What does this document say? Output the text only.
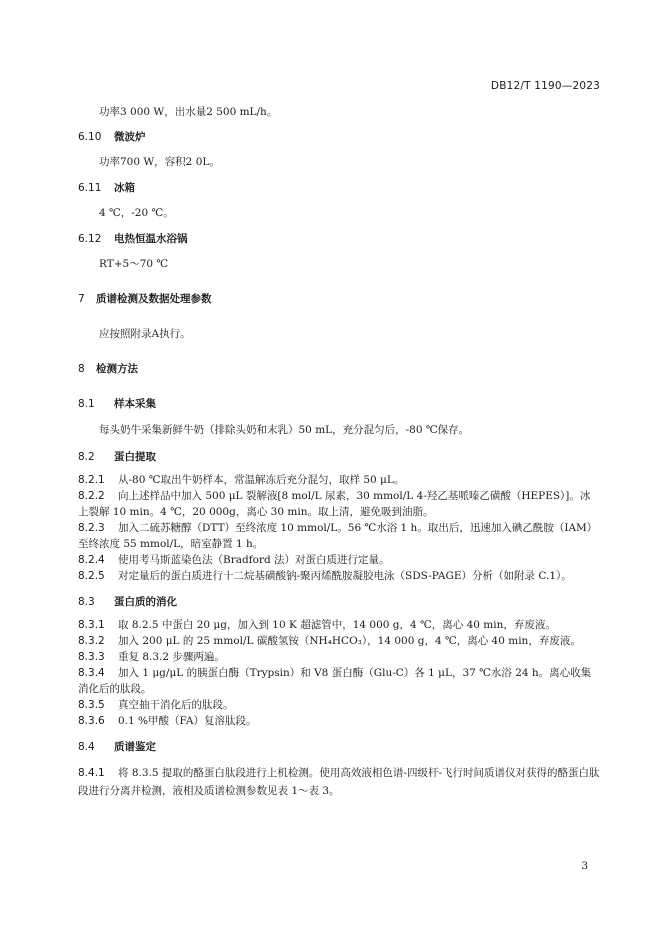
DB12/T 1190—2023

功率3 000 W，出水量2 500 mL/h。

6.10 微波炉

功率700 W，容积2 0L。

6.11 冰箱

4 ℃，-20 ℃。

6.12 电热恒温水浴锅

RT+5～70 ℃

7 质谱检测及数据处理参数

应按照附录A执行。

8 检测方法

8.1 样本采集

每头奶牛采集新鲜牛奶（排除头奶和末乳）50 mL，充分混匀后，-80 ℃保存。

8.2 蛋白提取

8.2.1 从-80 ℃取出牛奶样本，常温解冻后充分混匀，取样 50 μL。

8.2.2 向上述样品中加入 500 μL 裂解液[8 mol/L 尿素，30 mmol/L 4-羟乙基哌嗪乙磺酸（HEPES）]。冰上裂解 10 min。4 ℃，20 000g，离心 30 min。取上清，避免吸到油脂。

8.2.3 加入二硫苏糖醇（DTT）至终浓度 10 mmol/L。56 ℃水浴 1 h。取出后，迅速加入碘乙酰胺（IAM）至终浓度 55 mmol/L，暗室静置 1 h。

8.2.4 使用考马斯蓝染色法（Bradford 法）对蛋白质进行定量。

8.2.5 对定量后的蛋白质进行十二烷基磺酸钠-聚丙烯酰胺凝胶电泳（SDS-PAGE）分析（如附录 C.1）。

8.3 蛋白质的消化

8.3.1 取 8.2.5 中蛋白 20 μg，加入到 10 K 超滤管中，14 000 g，4 ℃，离心 40 min，弃废液。

8.3.2 加入 200 μL 的 25 mmol/L 碳酸氢铵（NH₄HCO₃），14 000 g，4 ℃，离心 40 min，弃废液。

8.3.3 重复 8.3.2 步骤两遍。

8.3.4 加入 1 μg/μL 的胰蛋白酶（Trypsin）和 V8 蛋白酶（Glu-C）各 1 μL，37 ℃水浴 24 h。离心收集消化后的肽段。

8.3.5 真空抽干消化后的肽段。

8.3.6 0.1 %甲酸（FA）复溶肽段。

8.4 质谱鉴定

8.4.1 将 8.3.5 提取的酪蛋白肽段进行上机检测。使用高效液相色谱-四级杆-飞行时间质谱仪对获得的酪蛋白肽段进行分离并检测，液相及质谱检测参数见表 1～表 3。

3
